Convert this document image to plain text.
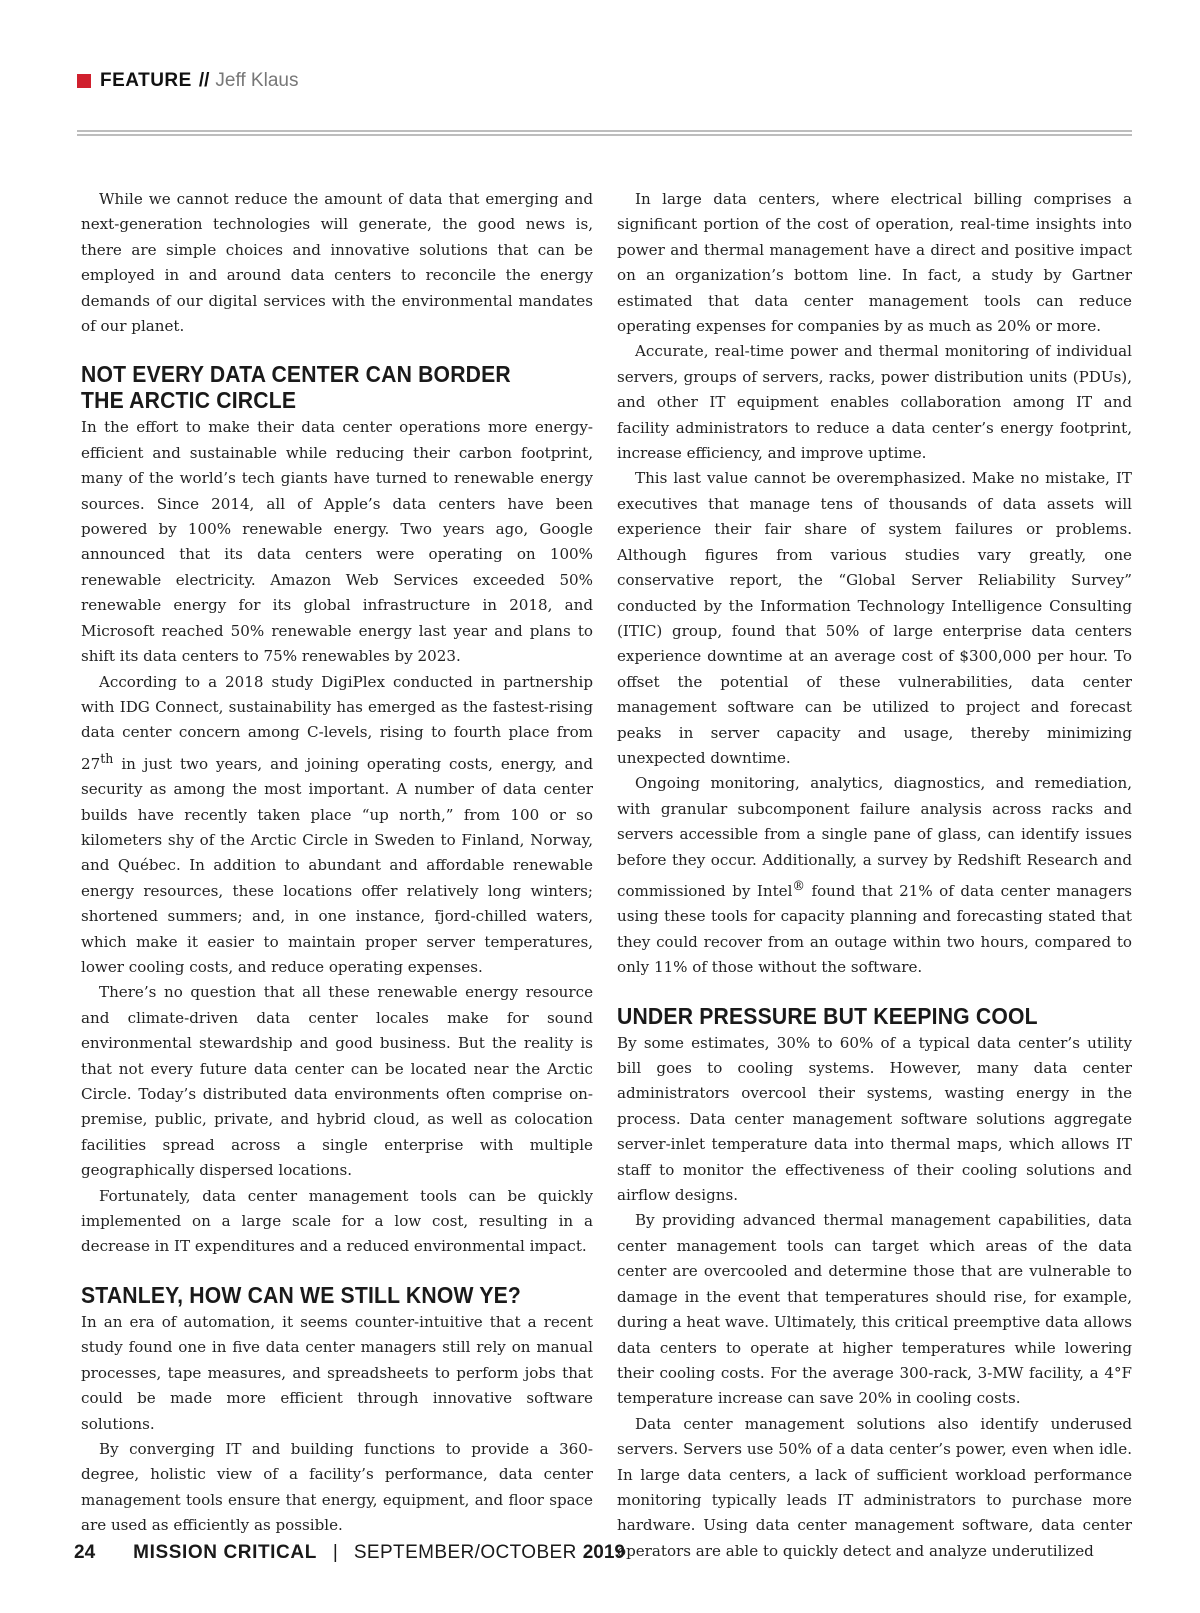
FEATURE // Jeff Klaus

While we cannot reduce the amount of data that emerging and next-generation technologies will generate, the good news is, there are simple choices and innovative solutions that can be employed in and around data centers to reconcile the energy demands of our digital services with the environmental mandates of our planet.

NOT EVERY DATA CENTER CAN BORDER
THE ARCTIC CIRCLE

In the effort to make their data center operations more energy-efficient and sustainable while reducing their carbon footprint, many of the world’s tech giants have turned to renewable energy sources. Since 2014, all of Apple’s data centers have been powered by 100% renewable energy. Two years ago, Google announced that its data centers were operating on 100% renewable electricity. Amazon Web Services exceeded 50% renewable energy for its global infrastructure in 2018, and Microsoft reached 50% renewable energy last year and plans to shift its data centers to 75% renewables by 2023.

According to a 2018 study DigiPlex conducted in partnership with IDG Connect, sustainability has emerged as the fastest-rising data center concern among C-levels, rising to fourth place from 27th in just two years, and joining operating costs, energy, and security as among the most important. A number of data center builds have recently taken place “up north,” from 100 or so kilometers shy of the Arctic Circle in Sweden to Finland, Norway, and Québec. In addition to abundant and affordable renewable energy resources, these locations offer relatively long winters; shortened summers; and, in one instance, fjord-chilled waters, which make it easier to maintain proper server temperatures, lower cooling costs, and reduce operating expenses.

There’s no question that all these renewable energy resource and climate-driven data center locales make for sound environmental stewardship and good business. But the reality is that not every future data center can be located near the Arctic Circle. Today’s distributed data environments often comprise on-premise, public, private, and hybrid cloud, as well as colocation facilities spread across a single enterprise with multiple geographically dispersed locations.

Fortunately, data center management tools can be quickly implemented on a large scale for a low cost, resulting in a decrease in IT expenditures and a reduced environmental impact.

STANLEY, HOW CAN WE STILL KNOW YE?

In an era of automation, it seems counter-intuitive that a recent study found one in five data center managers still rely on manual processes, tape measures, and spreadsheets to perform jobs that could be made more efficient through innovative software solutions.

By converging IT and building functions to provide a 360-degree, holistic view of a facility’s performance, data center management tools ensure that energy, equipment, and floor space are used as efficiently as possible.

In large data centers, where electrical billing comprises a significant portion of the cost of operation, real-time insights into power and thermal management have a direct and positive impact on an organization’s bottom line. In fact, a study by Gartner estimated that data center management tools can reduce operating expenses for companies by as much as 20% or more.

Accurate, real-time power and thermal monitoring of individual servers, groups of servers, racks, power distribution units (PDUs), and other IT equipment enables collaboration among IT and facility administrators to reduce a data center’s energy footprint, increase efficiency, and improve uptime.

This last value cannot be overemphasized. Make no mistake, IT executives that manage tens of thousands of data assets will experience their fair share of system failures or problems. Although figures from various studies vary greatly, one conservative report, the “Global Server Reliability Survey” conducted by the Information Technology Intelligence Consulting (ITIC) group, found that 50% of large enterprise data centers experience downtime at an average cost of $300,000 per hour. To offset the potential of these vulnerabilities, data center management software can be utilized to project and forecast peaks in server capacity and usage, thereby minimizing unexpected downtime.

Ongoing monitoring, analytics, diagnostics, and remediation, with granular subcomponent failure analysis across racks and servers accessible from a single pane of glass, can identify issues before they occur. Additionally, a survey by Redshift Research and commissioned by Intel® found that 21% of data center managers using these tools for capacity planning and forecasting stated that they could recover from an outage within two hours, compared to only 11% of those without the software.

UNDER PRESSURE BUT KEEPING COOL

By some estimates, 30% to 60% of a typical data center’s utility bill goes to cooling systems. However, many data center administrators overcool their systems, wasting energy in the process. Data center management software solutions aggregate server-inlet temperature data into thermal maps, which allows IT staff to monitor the effectiveness of their cooling solutions and airflow designs.

By providing advanced thermal management capabilities, data center management tools can target which areas of the data center are overcooled and determine those that are vulnerable to damage in the event that temperatures should rise, for example, during a heat wave. Ultimately, this critical preemptive data allows data centers to operate at higher temperatures while lowering their cooling costs. For the average 300-rack, 3-MW facility, a 4°F temperature increase can save 20% in cooling costs.

Data center management solutions also identify underused servers. Servers use 50% of a data center’s power, even when idle. In large data centers, a lack of sufficient workload performance monitoring typically leads IT administrators to purchase more hardware. Using data center management software, data center operators are able to quickly detect and analyze underutilized

24 MISSION CRITICAL | SEPTEMBER/OCTOBER 2019
